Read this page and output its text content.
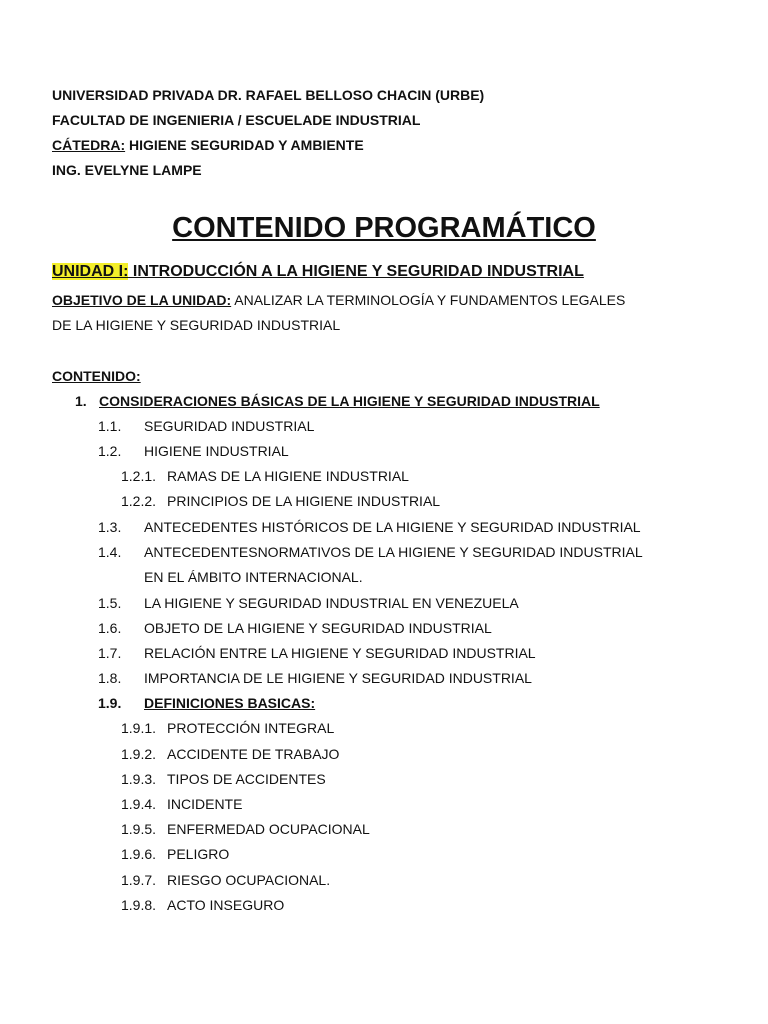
UNIVERSIDAD PRIVADA DR. RAFAEL BELLOSO CHACIN (URBE)
FACULTAD DE INGENIERIA / ESCUELADE INDUSTRIAL
CÁTEDRA: HIGIENE SEGURIDAD Y AMBIENTE
ING. EVELYNE LAMPE
CONTENIDO PROGRAMÁTICO
UNIDAD I: INTRODUCCIÓN A LA HIGIENE Y SEGURIDAD INDUSTRIAL
OBJETIVO DE LA UNIDAD: ANALIZAR LA TERMINOLOGÍA Y FUNDAMENTOS LEGALES
DE LA HIGIENE Y SEGURIDAD INDUSTRIAL
CONTENIDO:
1. CONSIDERACIONES BÁSICAS DE LA HIGIENE Y SEGURIDAD INDUSTRIAL
1.1. SEGURIDAD INDUSTRIAL
1.2. HIGIENE INDUSTRIAL
1.2.1. RAMAS DE LA HIGIENE INDUSTRIAL
1.2.2. PRINCIPIOS DE LA HIGIENE INDUSTRIAL
1.3. ANTECEDENTES HISTÓRICOS DE LA HIGIENE Y SEGURIDAD INDUSTRIAL
1.4. ANTECEDENTESNORMATIVOS DE LA HIGIENE Y SEGURIDAD INDUSTRIAL
EN EL ÁMBITO INTERNACIONAL.
1.5. LA HIGIENE Y SEGURIDAD INDUSTRIAL EN VENEZUELA
1.6. OBJETO DE LA HIGIENE Y SEGURIDAD INDUSTRIAL
1.7. RELACIÓN ENTRE LA HIGIENE Y SEGURIDAD INDUSTRIAL
1.8. IMPORTANCIA DE LE HIGIENE Y SEGURIDAD INDUSTRIAL
1.9. DEFINICIONES BASICAS:
1.9.1. PROTECCIÓN INTEGRAL
1.9.2. ACCIDENTE DE TRABAJO
1.9.3. TIPOS DE ACCIDENTES
1.9.4. INCIDENTE
1.9.5. ENFERMEDAD OCUPACIONAL
1.9.6. PELIGRO
1.9.7. RIESGO OCUPACIONAL.
1.9.8. ACTO INSEGURO
